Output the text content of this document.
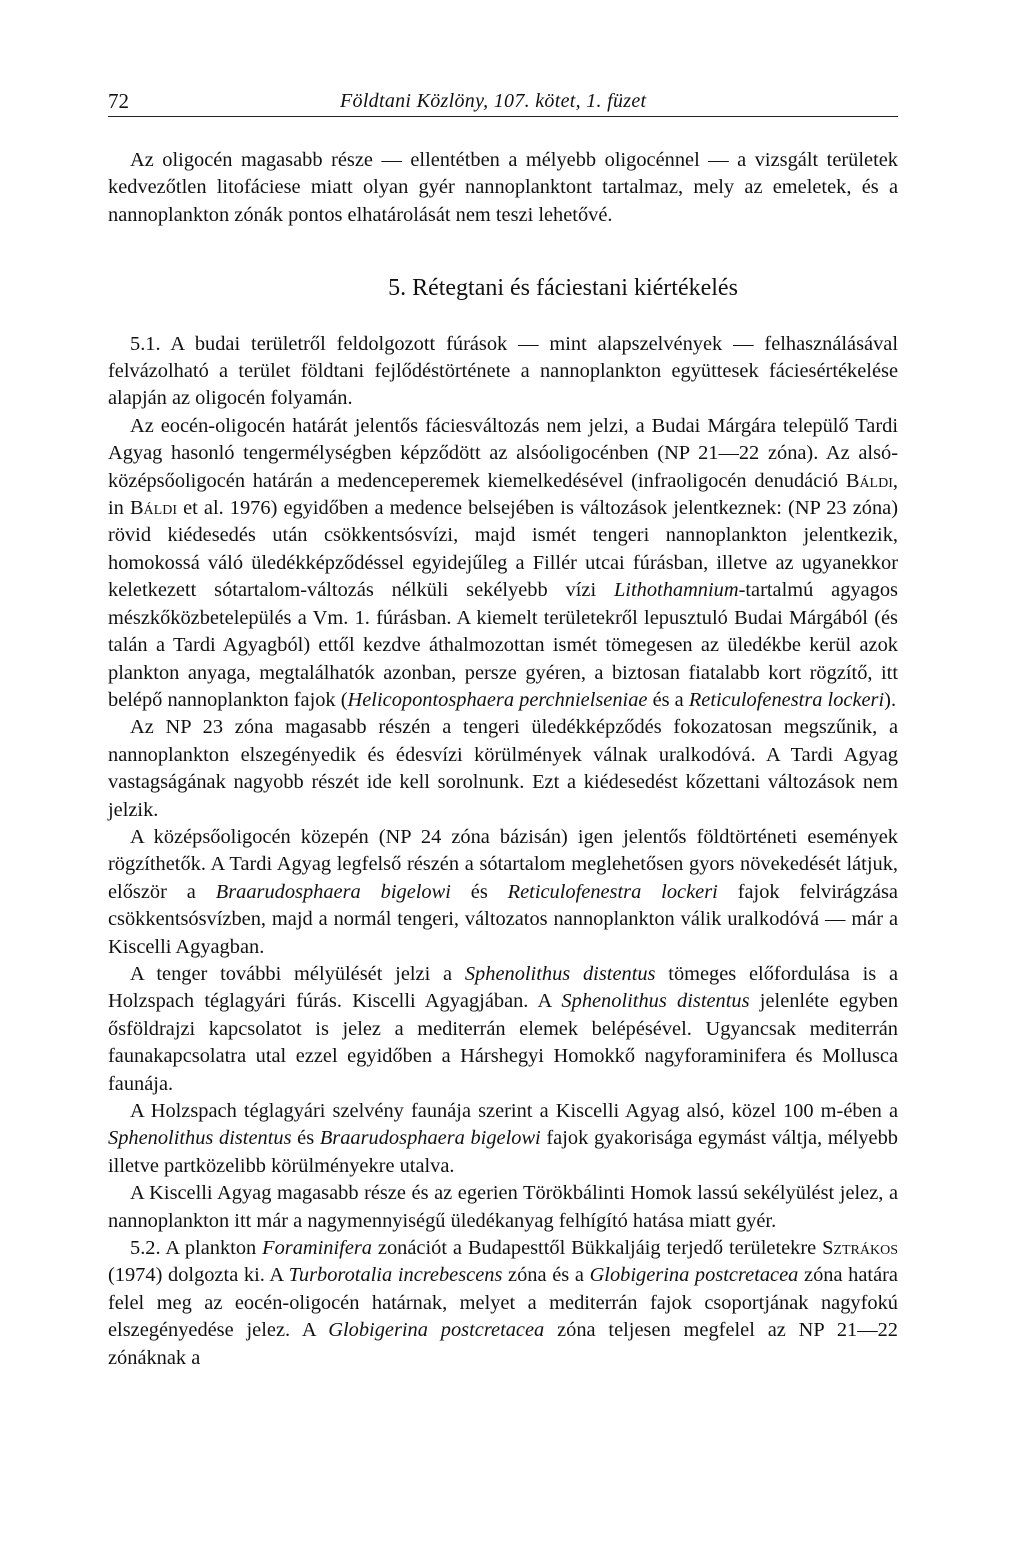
72	Földtani Közlöny, 107. kötet, 1. füzet

Az oligocén magasabb része — ellentétben a mélyebb oligocénnel — a vizsgált területek kedvezőtlen litofáciese miatt olyan gyér nannoplanktont tartalmaz, mely az emeletek, és a nannoplankton zónák pontos elhatárolását nem teszi lehetővé.

5. Rétegtani és fáciestani kiértékelés

5.1. A budai területről feldolgozott fúrások — mint alapszelvények — felhasználásával felvázolható a terület földtani fejlődéstörténete a nannoplankton együttesek fáciesértékelése alapján az oligocén folyamán.

Az eocén-oligocén határát jelentős fáciesváltozás nem jelzi, a Budai Márgára települő Tardi Agyag hasonló tengermélységben képződött az alsóoligocénben (NP 21—22 zóna). Az alsó-középsőoligocén határán a medenceperemek kiemelkedésével (infraoligocén denudáció Báldi, in Báldi et al. 1976) egyidőben a medence belsejében is változások jelentkeznek: (NP 23 zóna) rövid kiédesedés után csökkentsósvízi, majd ismét tengeri nannoplankton jelentkezik, homokossá váló üledékképződéssel egyidejűleg a Fillér utcai fúrásban, illetve az ugyanekkor keletkezett sótartalom-változás nélküli sekélyebb vízi Lithothamnium-tartalmú agyagos mészkőközbetelepülés a Vm. 1. fúrásban. A kiemelt területekről lepusztuló Budai Márgából (és talán a Tardi Agyagból) ettől kezdve áthalmozottan ismét tömegesen az üledékbe kerül azok plankton anyaga, megtalálhatók azonban, persze gyéren, a biztosan fiatalabb kort rögzítő, itt belépő nannoplankton fajok (Helicopontosphaera perchnielseniae és a Reticulofenestra lockeri).

Az NP 23 zóna magasabb részén a tengeri üledékképződés fokozatosan megszűnik, a nannoplankton elszegényedik és édesvízi körülmények válnak uralkodóvá. A Tardi Agyag vastagságának nagyobb részét ide kell sorolnunk. Ezt a kiédesedést kőzettani változások nem jelzik.

A középsőoligocén közepén (NP 24 zóna bázisán) igen jelentős földtörténeti események rögzíthetők. A Tardi Agyag legfelső részén a sótartalom meglehetősen gyors növekedését látjuk, először a Braarudosphaera bigelowi és Reticulofenestra lockeri fajok felvirágzása csökkentsósvízben, majd a normál tengeri, változatos nannoplankton válik uralkodóvá — már a Kiscelli Agyagban.

A tenger további mélyülését jelzi a Sphenolithus distentus tömeges előfordulása is a Holzspach téglagyári fúrás. Kiscelli Agyagjában. A Sphenolithus distentus jelenléte egyben ősföldrajzi kapcsolatot is jelez a mediterrán elemek belépésével. Ugyancsak mediterrán faunakapcsolatra utal ezzel egyidőben a Hárshegyi Homokkő nagyforaminifera és Mollusca faunája.

A Holzspach téglagyári szelvény faunája szerint a Kiscelli Agyag alsó, közel 100 m-ében a Sphenolithus distentus és Braarudosphaera bigelowi fajok gyakorisága egymást váltja, mélyebb illetve partközelibb körülményekre utalva.

A Kiscelli Agyag magasabb része és az egerien Törökbálinti Homok lassú sekélyülést jelez, a nannoplankton itt már a nagymennyiségű üledékanyag felhígító hatása miatt gyér.

5.2. A plankton Foraminifera zonációt a Budapesttől Bükkaljáig terjedő területekre Sztrákos (1974) dolgozta ki. A Turborotalia increbescens zóna és a Globigerina postcretacea zóna határa felel meg az eocén-oligocén határnak, melyet a mediterrán fajok csoportjának nagyfokú elszegényedése jelez. A Globigerina postcretacea zóna teljesen megfelel az NP 21—22 zónáknak a
